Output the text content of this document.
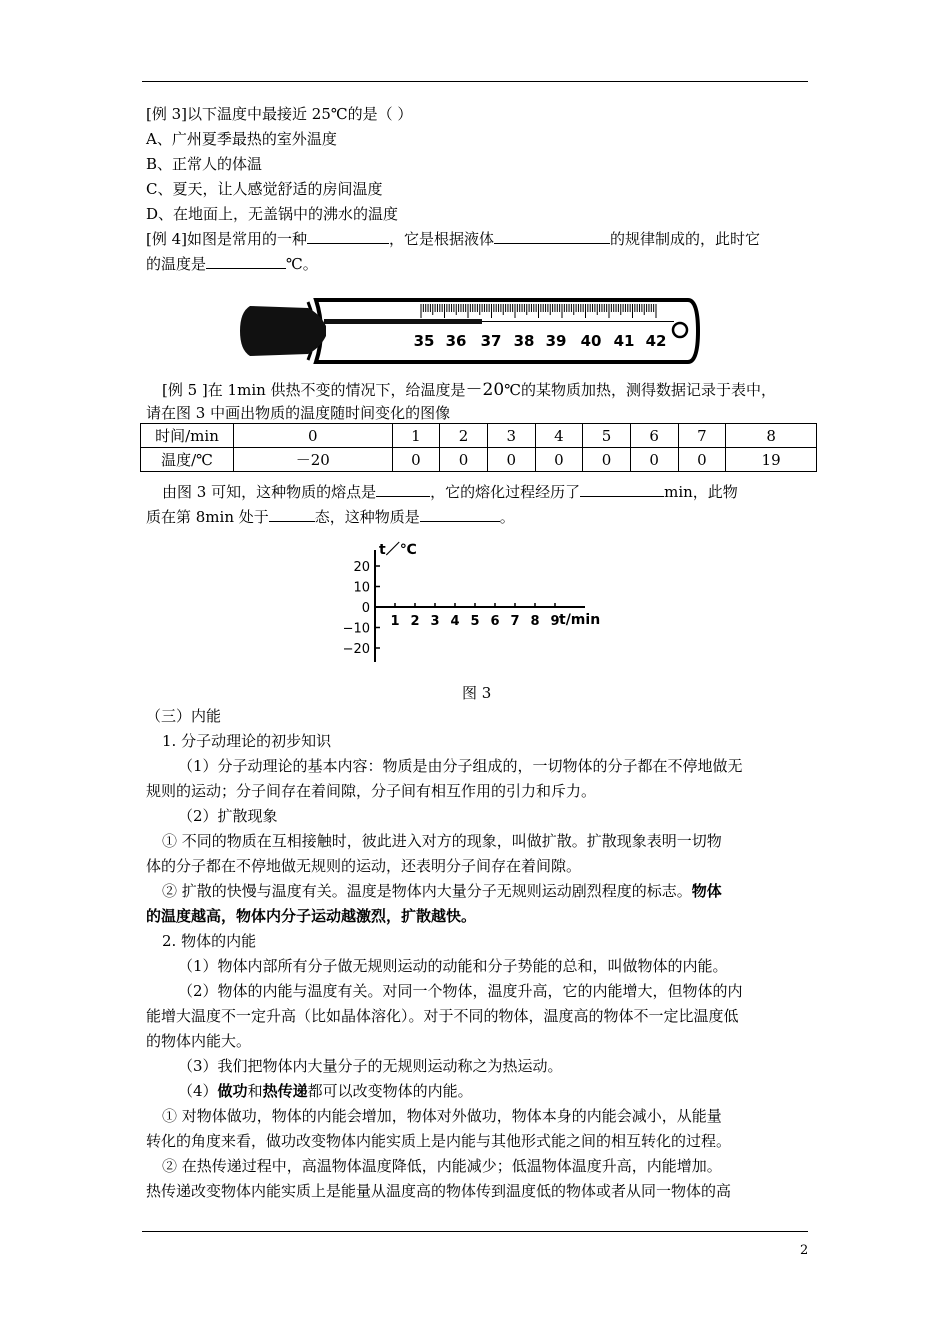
[例 3]以下温度中最接近 25℃的是（ ）
A、广州夏季最热的室外温度
B、正常人的体温
C、夏天，让人感觉舒适的房间温度
D、在地面上，无盖锅中的沸水的温度
[例 4]如图是常用的一种	，它是根据液体	的规律制成的，此时它
的温度是	℃。
35 36 37 38 39 40 41 42
[例 5 ]在 1min 供热不变的情况下，给温度是－20℃的某物质加热，测得数据记录于表中，
请在图 3 中画出物质的温度随时间变化的图像
时间/min	0	1	2	3	4	5	6	7	8
温度/℃	－20	0	0	0	0	0	0	0	19
由图 3 可知，这种物质的熔点是	，它的熔化过程经历了	min，此物
质在第 8min 处于	态，这种物质是	。
t／℃
t/min
1 2 3 4 5 6 7 8 9
20
10
0
−10
−20
图 3
（三）内能
1. 分子动理论的初步知识
（1）分子动理论的基本内容：物质是由分子组成的，一切物体的分子都在不停地做无
规则的运动；分子间存在着间隙，分子间有相互作用的引力和斥力。
（2）扩散现象
① 不同的物质在互相接触时，彼此进入对方的现象，叫做扩散。扩散现象表明一切物
体的分子都在不停地做无规则的运动，还表明分子间存在着间隙。
② 扩散的快慢与温度有关。温度是物体内大量分子无规则运动剧烈程度的标志。物体
的温度越高，物体内分子运动越激烈，扩散越快。
2. 物体的内能
（1）物体内部所有分子做无规则运动的动能和分子势能的总和，叫做物体的内能。
（2）物体的内能与温度有关。对同一个物体，温度升高，它的内能增大，但物体的内
能增大温度不一定升高（比如晶体溶化）。对于不同的物体，温度高的物体不一定比温度低
的物体内能大。
（3）我们把物体内大量分子的无规则运动称之为热运动。
（4）做功和热传递都可以改变物体的内能。
① 对物体做功，物体的内能会增加，物体对外做功，物体本身的内能会减小，从能量
转化的角度来看，做功改变物体内能实质上是内能与其他形式能之间的相互转化的过程。
② 在热传递过程中，高温物体温度降低，内能减少；低温物体温度升高，内能增加。
热传递改变物体内能实质上是能量从温度高的物体传到温度低的物体或者从同一物体的高
2
